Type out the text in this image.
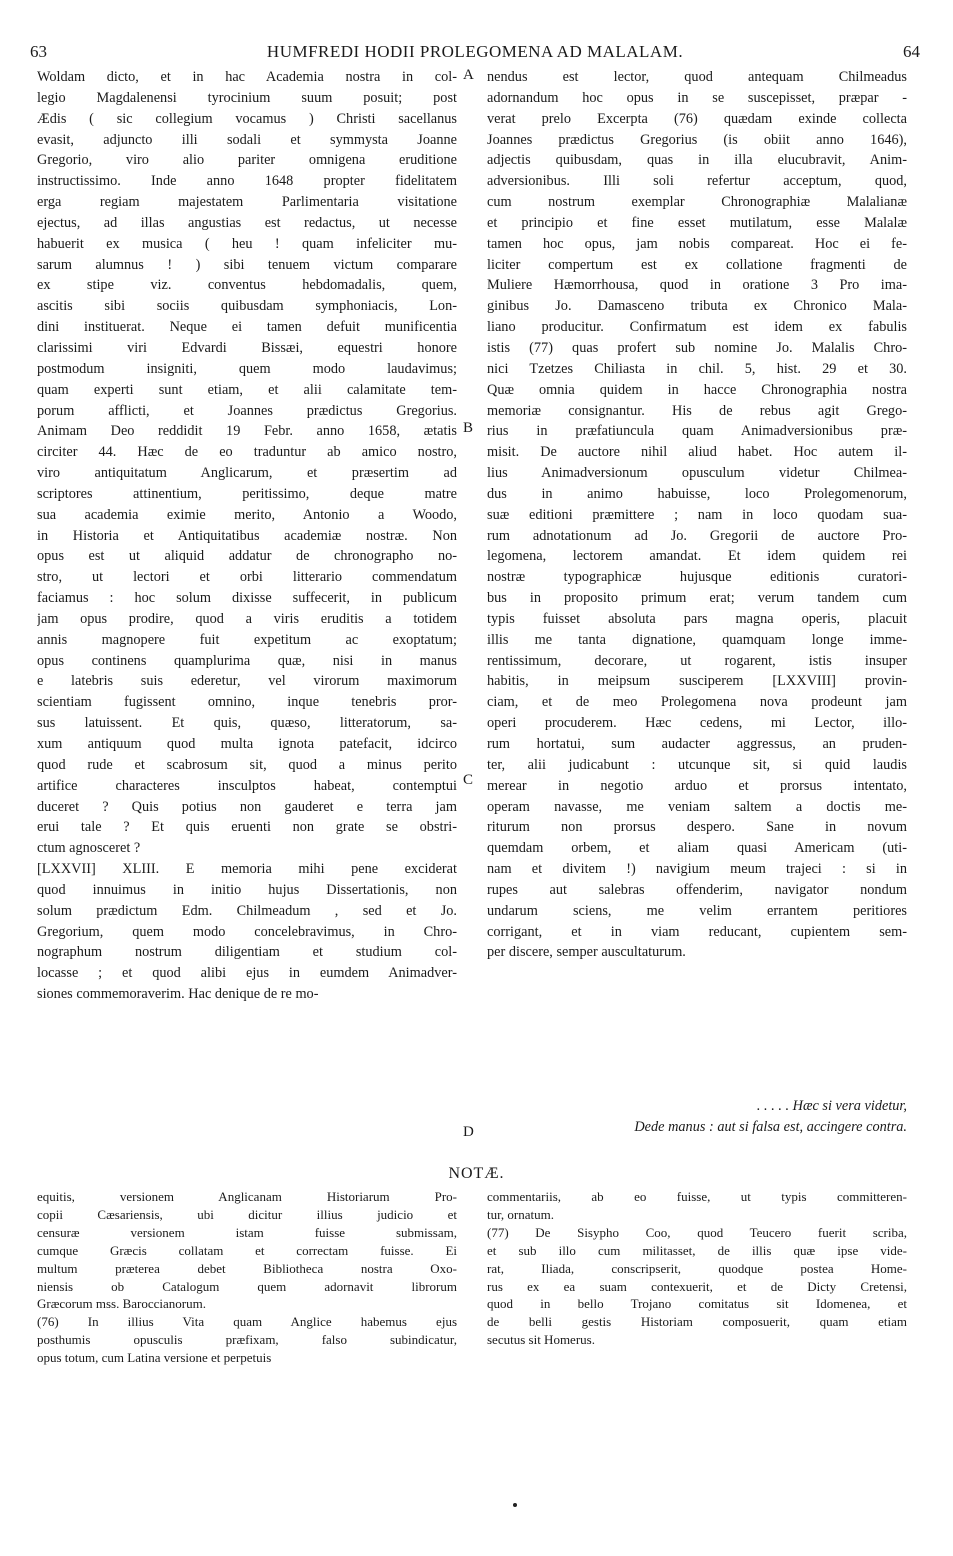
63	HUMFREDI HODII PROLEGOMENA AD MALALAM.	64
Woldam dicto, et in hac Academia nostra in col-
legio Magdalenensi tyrocinium suum posuit; post
Ædis ( sic collegium vocamus ) Christi sacellanus
evasit, adjuncto illi sodali et symmysta Joanne
Gregorio, viro alio pariter omnigena eruditione
instructissimo. Inde anno 1648 propter fidelitatem
erga regiam majestatem Parlimentaria visitatione
ejectus, ad illas angustias est redactus, ut necesse
habuerit ex musica ( heu ! quam infeliciter mu-
sarum alumnus ! ) sibi tenuem victum comparare
ex stipe viz. conventus hebdomadalis, quem,
ascitis sibi sociis quibusdam symphoniacis, Lon-
dini instituerat. Neque ei tamen defuit munificentia
clarissimi viri Edvardi Bissæi, equestri honore
postmodum insigniti, quem modo laudavimus;
quam experti sunt etiam, et alii calamitate tem-
porum afflicti, et Joannes prædictus Gregorius.
Animam Deo reddidit 19 Febr. anno 1658, ætatis
circiter 44. Hæc de eo traduntur ab amico nostro,
viro antiquitatum Anglicarum, et præsertim ad
scriptores attinentium, peritissimo, deque matre
sua academia eximie merito, Antonio a Woodo,
in Historia et Antiquitatibus academiæ nostræ. Non
opus est ut aliquid addatur de chronographo no-
stro, ut lectori et orbi litterario commendatum
faciamus : hoc solum dixisse suffecerit, in publicum
jam opus prodire, quod a viris eruditis a totidem
annis magnopere fuit expetitum ac exoptatum;
opus continens quamplurima quæ, nisi in manus
e latebris suis ederetur, vel virorum maximorum
scientiam fugissent omnino, inque tenebris pror-
sus latuissent. Et quis, quæso, litteratorum, sa-
xum antiquum quod multa ignota patefacit, idcirco
quod rude et scabrosum sit, quod a minus perito
artifice characteres insculptos habeat, contemptui
duceret ? Quis potius non gauderet e terra jam
erui tale ? Et quis eruenti non grate se obstri-
ctum agnosceret ?
[LXXVII] XLIII. E memoria mihi pene exciderat
quod innuimus in initio hujus Dissertationis, non
solum prædictum Edm. Chilmeadum , sed et Jo.
Gregorium, quem modo concelebravimus, in Chro-
nographum nostrum diligentiam et studium col-
locasse ; et quod alibi ejus in eumdem Animadver-
siones commemoraverim. Hac denique de re mo-
nendus est lector, quod antequam Chilmeadus
adornandum hoc opus in se suscepisset, præpar -
verat prelo Excerpta (76) quædam exinde collecta
Joannes prædictus Gregorius (is obiit anno 1646),
adjectis quibusdam, quas in illa elucubravit, Anim-
adversionibus. Illi soli refertur acceptum, quod,
cum nostrum exemplar Chronographiæ Malalianæ
et principio et fine esset mutilatum, esse Malalæ
tamen hoc opus, jam nobis compareat. Hoc ei fe-
liciter compertum est ex collatione fragmenti de
Muliere Hæmorrhousa, quod in oratione 3 Pro ima-
ginibus Jo. Damasceno tributa ex Chronico Mala-
liano producitur. Confirmatum est idem ex fabulis
istis (77) quas profert sub nomine Jo. Malalis Chro-
nici Tzetzes Chiliasta in chil. 5, hist. 29 et 30.
Quæ omnia quidem in hacce Chronographia nostra
memoriæ consignantur. His de rebus agit Grego-
rius in præfatiuncula quam Animadversionibus præ-
misit. De auctore nihil aliud habet. Hoc autem il-
lius Animadversionum opusculum videtur Chilmea-
dus in animo habuisse, loco Prolegomenorum,
suæ editioni præmittere ; nam in loco quodam sua-
rum adnotationum ad Jo. Gregorii de auctore Pro-
legomena, lectorem amandat. Et idem quidem rei
nostræ typographicæ hujusque editionis curatori-
bus in proposito primum erat; verum tandem cum
typis fuisset absoluta pars magna operis, placuit
illis me tanta dignatione, quamquam longe imme-
rentissimum, decorare, ut rogarent, istis insuper
habitis, in meipsum susciperem [LXXVIII] provin-
ciam, et de meo Prolegomena nova prodeunt jam
operi procuderem. Hæc cedens, mi Lector, illo-
rum hortatui, sum audacter aggressus, an pruden-
ter, alii judicabunt : utcunque sit, si quid laudis
merear in negotio arduo et prorsus intentato,
operam navasse, me veniam saltem a doctis me-
riturum non prorsus despero. Sane in novum
quemdam orbem, et aliam quasi Americam (uti-
nam et divitem !) navigium meum trajeci : si in
rupes aut salebras offenderim, navigator nondum
undarum sciens, me velim errantem peritiores
corrigant, et in viam reducant, cupientem sem-
per discere, semper auscultaturum.
A
B
C
D
. . . . . Hæc si vera videtur,
Dede manus : aut si falsa est, accingere contra.
NOTÆ.
equitis, versionem Anglicanam Historiarum Pro-
copii Cæsariensis, ubi dicitur illius judicio et
censuræ versionem istam fuisse submissam,
cumque Græcis collatam et correctam fuisse. Ei
multum præterea debet Bibliotheca nostra Oxo-
niensis ob Catalogum quem adornavit librorum
Græcorum mss. Baroccianorum.
(76) In illius Vita quam Anglice habemus ejus
posthumis opusculis præfixam, falso subindicatur,
opus totum, cum Latina versione et perpetuis
commentariis, ab eo fuisse, ut typis committeren-
tur, ornatum.
(77) De Sisypho Coo, quod Teucero fuerit scriba,
et sub illo cum militasset, de illis quæ ipse vide-
rat, Iliada, conscripserit, quodque postea Home-
rus ex ea suam contexuerit, et de Dicty Cretensi,
quod in bello Trojano comitatus sit Idomenea, et
de belli gestis Historiam composuerit, quam etiam
secutus sit Homerus.
